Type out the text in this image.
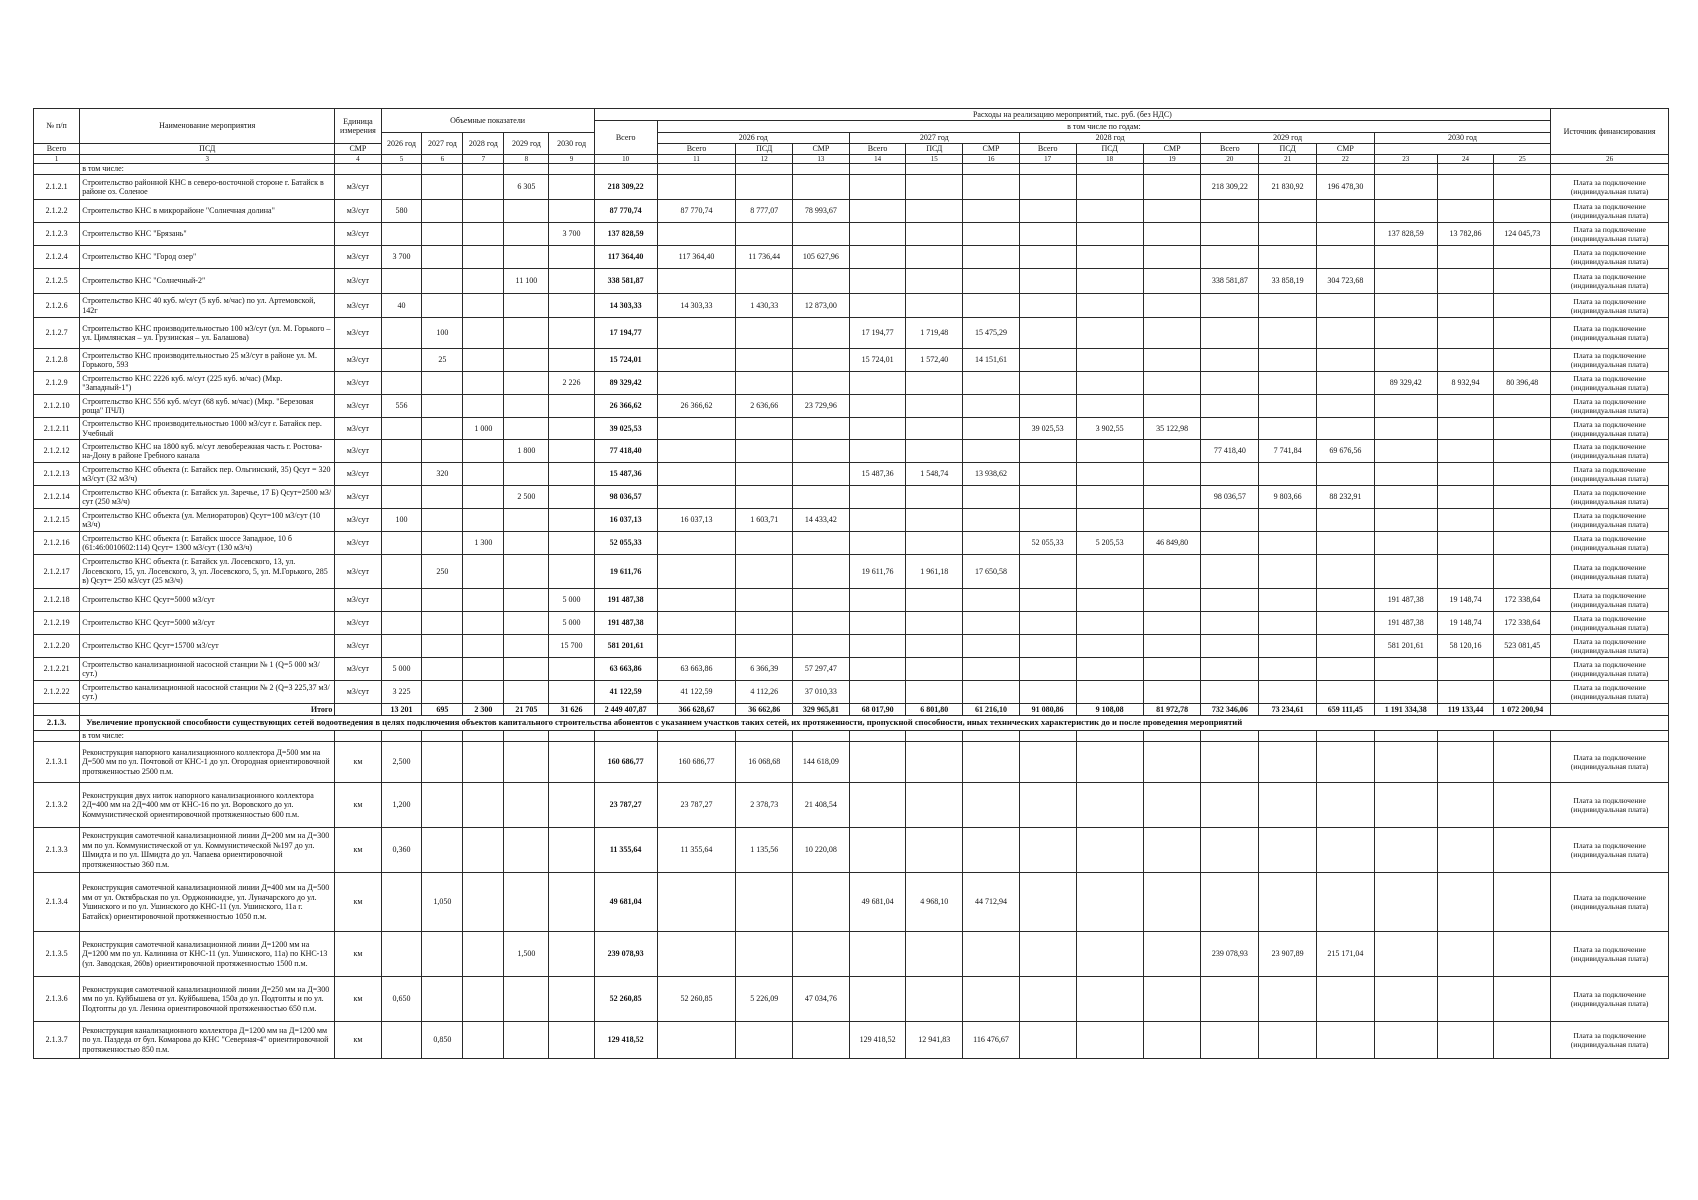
№ п/п	Наименование мероприятия	Единица измерения	Объемные показатели					Расходы на реализацию мероприятий, тыс. руб. (без НДС)																Источник финансирования
								Всего	в том числе по годам:															
			2026 год	2027 год	2028 год	2029 год	2030 год		2026 год			2027 год			2028 год			2029 год			2030 год			
Всего	ПСД	СМР							Всего	ПСД	СМР	Всего	ПСД	СМР	Всего	ПСД	СМР	Всего	ПСД	СМР				
1	3	4	5	6	7	8	9	10	11	12	13	14	15	16	17	18	19	20	21	22	23	24	25	26
	в том числе:																							
2.1.2.1	Строительство районной КНС в северо-восточной стороне г. Батайск в районе оз. Соленое	м3/сут				6 305		218 309,22										218 309,22	21 830,92	196 478,30				Плата за подключение (индивидуальная плата)
2.1.2.2	Строительство КНС в микрорайоне "Солнечная долина"	м3/сут	580					87 770,74	87 770,74	8 777,07	78 993,67													Плата за подключение (индивидуальная плата)
2.1.2.3	Строительство КНС "Брязань"	м3/сут					3 700	137 828,59													137 828,59	13 782,86	124 045,73	Плата за подключение (индивидуальная плата)
2.1.2.4	Строительство КНС "Город озер"	м3/сут	3 700					117 364,40	117 364,40	11 736,44	105 627,96													Плата за подключение (индивидуальная плата)
2.1.2.5	Строительство КНС "Солнечный-2"	м3/сут				11 100		338 581,87										338 581,87	33 858,19	304 723,68				Плата за подключение (индивидуальная плата)
2.1.2.6	Строительство КНС 40 куб. м/сут (5 куб. м/час) по ул. Артемовской, 142г	м3/сут	40					14 303,33	14 303,33	1 430,33	12 873,00													Плата за подключение (индивидуальная плата)
2.1.2.7	Строительство КНС производительностью 100 м3/сут (ул. М. Горького – ул. Цимлянская – ул. Грузинская – ул. Балашова)	м3/сут		100				17 194,77				17 194,77	1 719,48	15 475,29										Плата за подключение (индивидуальная плата)
2.1.2.8	Строительство КНС производительностью 25 м3/сут в районе ул. М. Горького, 593	м3/сут		25				15 724,01				15 724,01	1 572,40	14 151,61										Плата за подключение (индивидуальная плата)
2.1.2.9	Строительство КНС 2226 куб. м/сут (225 куб. м/час) (Мкр. "Западный-1")	м3/сут					2 226	89 329,42													89 329,42	8 932,94	80 396,48	Плата за подключение (индивидуальная плата)
2.1.2.10	Строительство КНС 556 куб. м/сут (68 куб. м/час) (Мкр. "Березовая роща" ПЧЛ)	м3/сут	556					26 366,62	26 366,62	2 636,66	23 729,96													Плата за подключение (индивидуальная плата)
2.1.2.11	Строительство КНС производительностью 1000 м3/сут г. Батайск пер. Учебный	м3/сут			1 000			39 025,53							39 025,53	3 902,55	35 122,98							Плата за подключение (индивидуальная плата)
2.1.2.12	Строительство КНС на 1800 куб. м/сут левобережная часть г. Ростова-на-Дону в районе Гребного канала	м3/сут				1 800		77 418,40										77 418,40	7 741,84	69 676,56				Плата за подключение (индивидуальная плата)
2.1.2.13	Строительство КНС объекта (г. Батайск пер. Ольгинский, 35) Qсут = 320 м3/сут (32 м3/ч)	м3/сут		320				15 487,36				15 487,36	1 548,74	13 938,62										Плата за подключение (индивидуальная плата)
2.1.2.14	Строительство КНС объекта (г. Батайск ул. Заречье, 17 Б) Qсут=2500 м3/сут (250 м3/ч)	м3/сут				2 500		98 036,57										98 036,57	9 803,66	88 232,91				Плата за подключение (индивидуальная плата)
2.1.2.15	Строительство КНС объекта (ул. Мелиораторов) Qсут=100 м3/сут (10 м3/ч)	м3/сут	100					16 037,13	16 037,13	1 603,71	14 433,42													Плата за подключение (индивидуальная плата)
2.1.2.16	Строительство КНС объекта (г. Батайск шоссе Западное, 10 б (61:46:0010602:114) Qсут= 1300 м3/сут (130 м3/ч)	м3/сут			1 300			52 055,33							52 055,33	5 205,53	46 849,80							Плата за подключение (индивидуальная плата)
2.1.2.17	Строительство КНС объекта (г. Батайск ул. Лосевского, 13, ул. Лосевского, 15, ул. Лосевского, 3, ул. Лосевского, 5, ул. М.Горького, 285 в) Qсут= 250 м3/сут (25 м3/ч)	м3/сут		250				19 611,76				19 611,76	1 961,18	17 650,58										Плата за подключение (индивидуальная плата)
2.1.2.18	Строительство КНС Qсут=5000 м3/сут	м3/сут					5 000	191 487,38													191 487,38	19 148,74	172 338,64	Плата за подключение (индивидуальная плата)
2.1.2.19	Строительство КНС Qсут=5000 м3/сут	м3/сут					5 000	191 487,38													191 487,38	19 148,74	172 338,64	Плата за подключение (индивидуальная плата)
2.1.2.20	Строительство КНС Qсут=15700 м3/сут	м3/сут					15 700	581 201,61													581 201,61	58 120,16	523 081,45	Плата за подключение (индивидуальная плата)
2.1.2.21	Строительство канализационной насосной станции № 1 (Q=5 000 м3/сут.)	м3/сут	5 000					63 663,86	63 663,86	6 366,39	57 297,47													Плата за подключение (индивидуальная плата)
2.1.2.22	Строительство канализационной насосной станции № 2 (Q=3 225,37 м3/сут.)	м3/сут	3 225					41 122,59	41 122,59	4 112,26	37 010,33													Плата за подключение (индивидуальная плата)
	Итого		13 201	695	2 300	21 705	31 626	2 449 407,87	366 628,67	36 662,86	329 965,81	68 017,90	6 801,80	61 216,10	91 080,86	9 108,08	81 972,78	732 346,06	73 234,61	659 111,45	1 191 334,38	119 133,44	1 072 200,94	
2.1.3.	Увеличение пропускной способности существующих сетей водоотведения в целях подключения объектов капитального строительства абонентов с указанием участков таких сетей, их протяженности, пропускной способности, иных технических характеристик до и после проведения мероприятий																							
	в том числе:																							
2.1.3.1	Реконструкция напорного канализационного коллектора Д=500 мм на Д=500 мм по ул. Почтовой от КНС-1 до ул. Огородная ориентировочной протяженностью 2500 п.м.	км	2,500					160 686,77	160 686,77	16 068,68	144 618,09													Плата за подключение (индивидуальная плата)
2.1.3.2	Реконструкция двух ниток напорного канализационного коллектора 2Д=400 мм на 2Д=400 мм от КНС-16 по ул. Воровского до ул. Коммунистической ориентировочной протяженностью 600 п.м.	км	1,200					23 787,27	23 787,27	2 378,73	21 408,54													Плата за подключение (индивидуальная плата)
2.1.3.3	Реконструкция самотечной канализационной линии Д=200 мм на Д=300 мм по ул. Коммунистической от ул. Коммунистической №197 до ул. Шмидта и по ул. Шмидта до ул. Чапаева ориентировочной протяженностью 360 п.м.	км	0,360					11 355,64	11 355,64	1 135,56	10 220,08													Плата за подключение (индивидуальная плата)
2.1.3.4	Реконструкция самотечной канализационной линии Д=400 мм на Д=500 мм от ул. Октябрьская по ул. Орджоникидзе, ул. Луначарского до ул. Ушинского и по ул. Ушинского до КНС-11 (ул. Ушинского, 11а г. Батайск) ориентировочной протяженностью 1050 п.м.	км		1,050				49 681,04				49 681,04	4 968,10	44 712,94										Плата за подключение (индивидуальная плата)
2.1.3.5	Реконструкция самотечной канализационной линии Д=1200 мм на Д=1200 мм по ул. Калинина от КНС-11 (ул. Ушинского, 11а) по КНС-13 (ул. Заводская, 260в) ориентировочной протяженностью 1500 п.м.	км				1,500		239 078,93										239 078,93	23 907,89	215 171,04				Плата за подключение (индивидуальная плата)
2.1.3.6	Реконструкция самотечной канализационной линии Д=250 мм на Д=300 мм по ул. Куйбышева от ул. Куйбышева, 150а до ул. Подтопты и по ул. Подтопты до ул. Ленина ориентировочной протяженностью 650 п.м.	км	0,650					52 260,85	52 260,85	5 226,09	47 034,76													Плата за подключение (индивидуальная плата)
2.1.3.7	Реконструкция канализационного коллектора Д=1200 мм на Д=1200 мм по ул. Паздеда от бул. Комарова до КНС "Северная-4" ориентировочной протяженностью 850 п.м.	км		0,850				129 418,52				129 418,52	12 941,83	116 476,67										Плата за подключение (индивидуальная плата)
